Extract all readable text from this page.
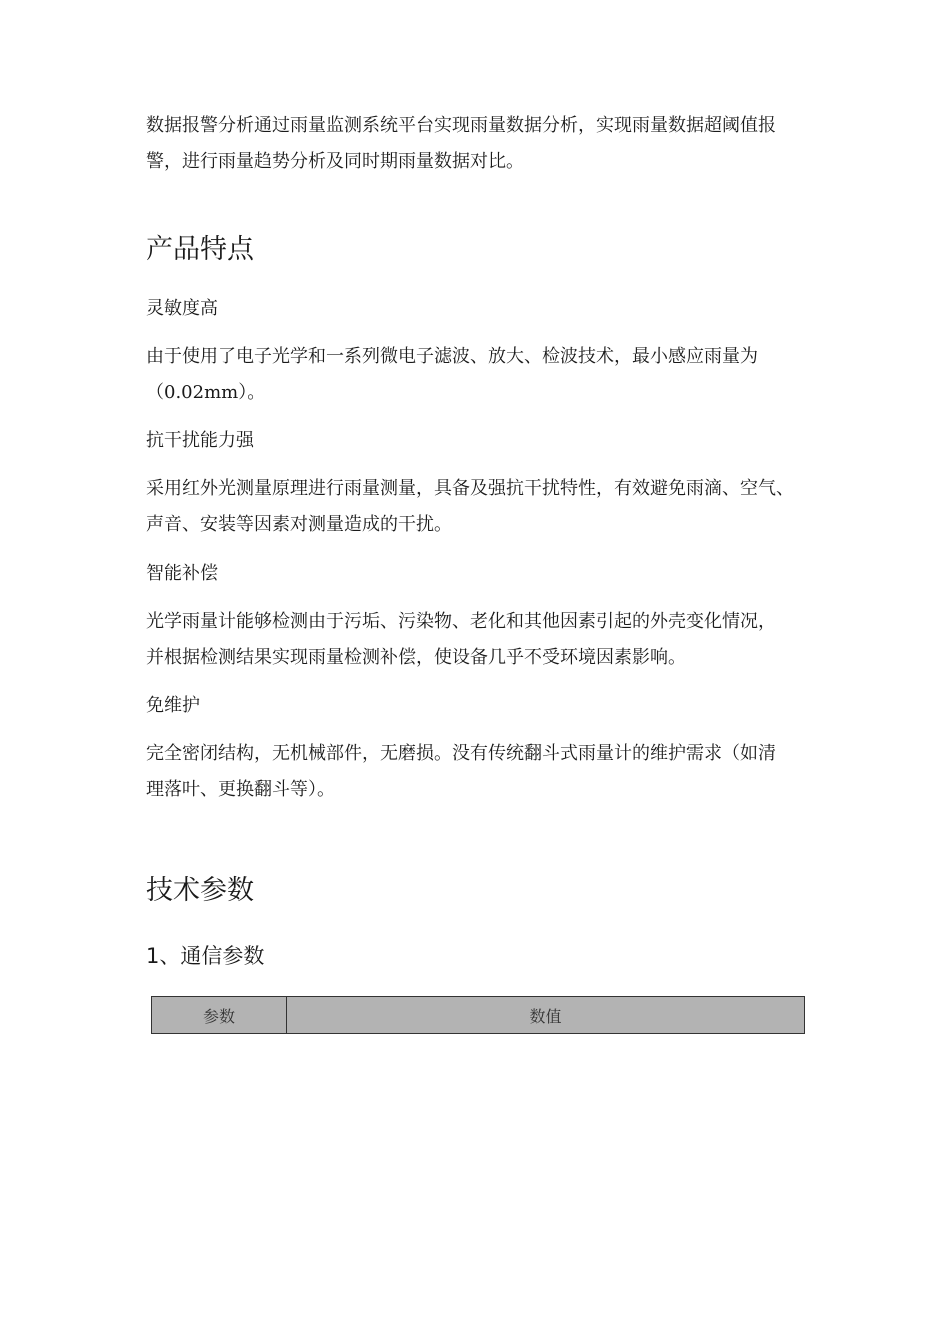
数据报警分析通过雨量监测系统平台实现雨量数据分析，实现雨量数据超阈值报

警，进行雨量趋势分析及同时期雨量数据对比。

产品特点

灵敏度高

由于使用了电子光学和一系列微电子滤波、放大、检波技术，最小感应雨量为

（0.02mm）。

抗干扰能力强

采用红外光测量原理进行雨量测量，具备及强抗干扰特性，有效避免雨滴、空气、

声音、安装等因素对测量造成的干扰。

智能补偿

光学雨量计能够检测由于污垢、污染物、老化和其他因素引起的外壳变化情况，

并根据检测结果实现雨量检测补偿，使设备几乎不受环境因素影响。

免维护

完全密闭结构，无机械部件，无磨损。没有传统翻斗式雨量计的维护需求（如清

理落叶、更换翻斗等）。

技术参数
1、通信参数
参数	数值
